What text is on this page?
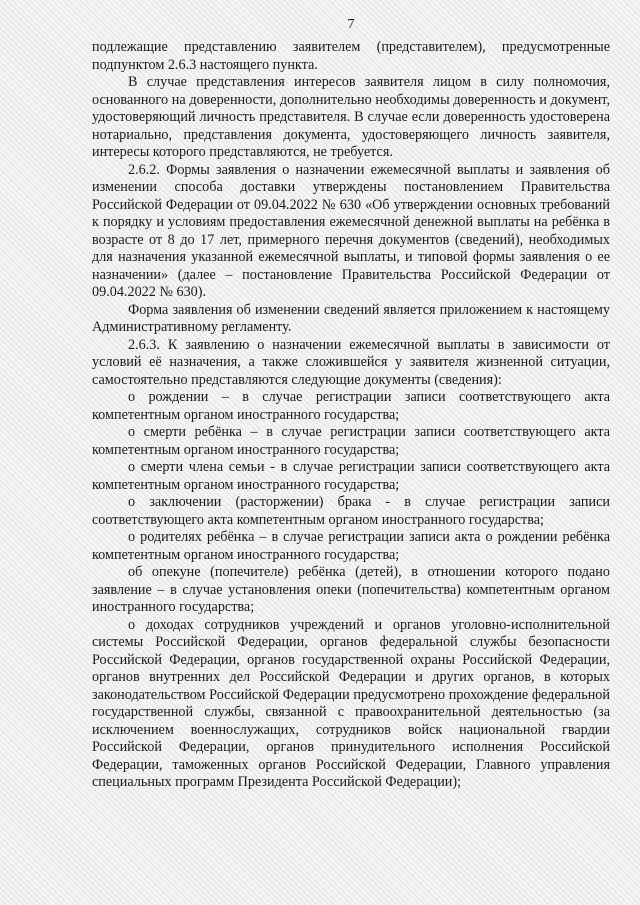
7

подлежащие представлению заявителем (представителем), предусмотренные подпунктом 2.6.3 настоящего пункта.

В случае представления интересов заявителя лицом в силу полномочия, основанного на доверенности, дополнительно необходимы доверенность и документ, удостоверяющий личность представителя. В случае если доверенность удостоверена нотариально, представления документа, удостоверяющего личность заявителя, интересы которого представляются, не требуется.

2.6.2. Формы заявления о назначении ежемесячной выплаты и заявления об изменении способа доставки утверждены постановлением Правительства Российской Федерации от 09.04.2022 № 630 «Об утверждении основных требований к порядку и условиям предоставления ежемесячной денежной выплаты на ребёнка в возрасте от 8 до 17 лет, примерного перечня документов (сведений), необходимых для назначения указанной ежемесячной выплаты, и типовой формы заявления о ее назначении» (далее – постановление Правительства Российской Федерации от 09.04.2022 № 630).

Форма заявления об изменении сведений является приложением к настоящему Административному регламенту.

2.6.3. К заявлению о назначении ежемесячной выплаты в зависимости от условий её назначения, а также сложившейся у заявителя жизненной ситуации, самостоятельно представляются следующие документы (сведения):

о рождении – в случае регистрации записи соответствующего акта компетентным органом иностранного государства;

о смерти ребёнка – в случае регистрации записи соответствующего акта компетентным органом иностранного государства;

о смерти члена семьи - в случае регистрации записи соответствующего акта компетентным органом иностранного государства;

о заключении (расторжении) брака - в случае регистрации записи соответствующего акта компетентным органом иностранного государства;

о родителях ребёнка – в случае регистрации записи акта о рождении ребёнка компетентным органом иностранного государства;

об опекуне (попечителе) ребёнка (детей), в отношении которого подано заявление – в случае установления опеки (попечительства) компетентным органом иностранного государства;

о доходах сотрудников учреждений и органов уголовно-исполнительной системы Российской Федерации, органов федеральной службы безопасности Российской Федерации, органов государственной охраны Российской Федерации, органов внутренних дел Российской Федерации и других органов, в которых законодательством Российской Федерации предусмотрено прохождение федеральной государственной службы, связанной с правоохранительной деятельностью (за исключением военнослужащих, сотрудников войск национальной гвардии Российской Федерации, органов принудительного исполнения Российской Федерации, таможенных органов Российской Федерации, Главного управления специальных программ Президента Российской Федерации);
